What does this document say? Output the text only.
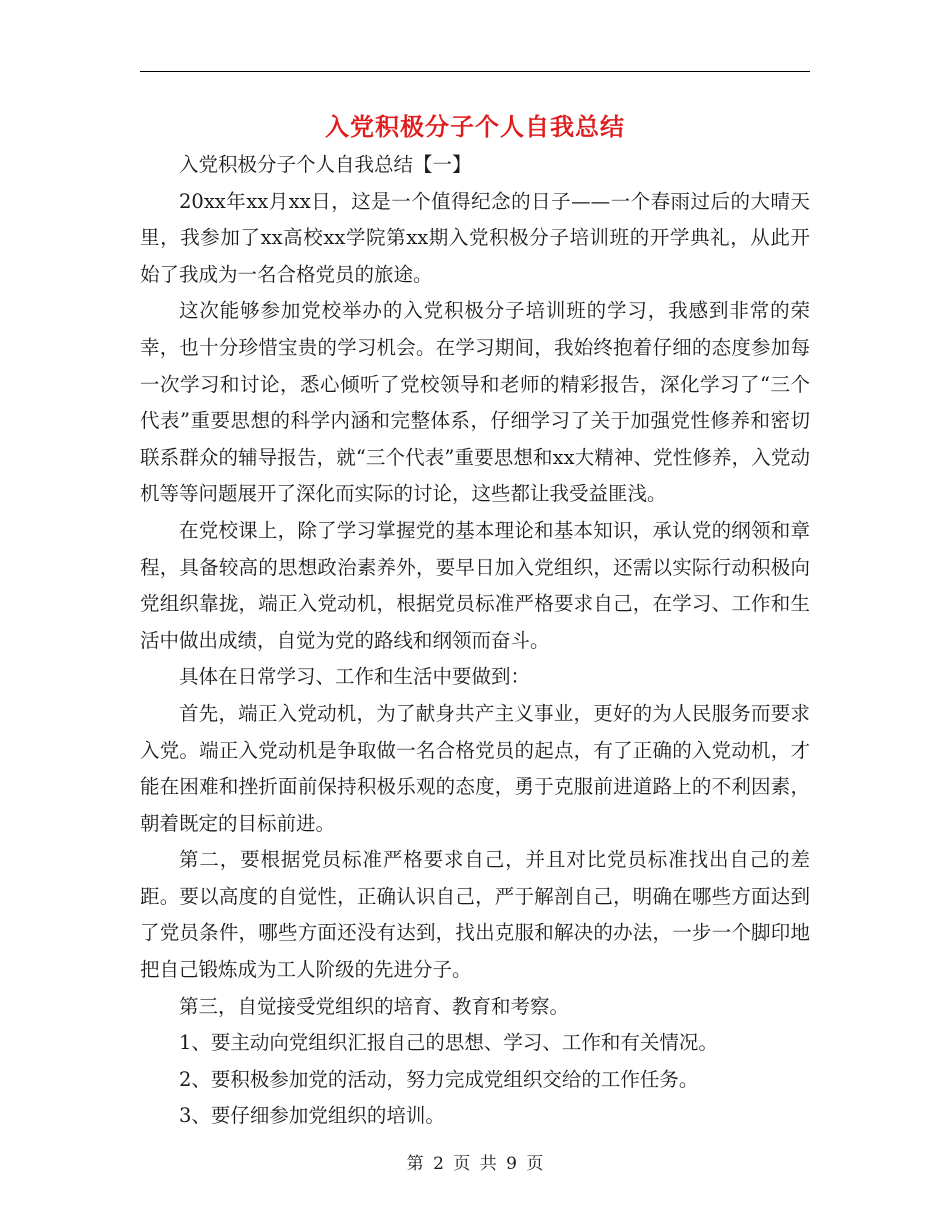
入党积极分子个人自我总结

入党积极分子个人自我总结【一】

20xx年xx月xx日，这是一个值得纪念的日子——一个春雨过后的大晴天里，我参加了xx高校xx学院第xx期入党积极分子培训班的开学典礼，从此开始了我成为一名合格党员的旅途。

这次能够参加党校举办的入党积极分子培训班的学习，我感到非常的荣幸，也十分珍惜宝贵的学习机会。在学习期间，我始终抱着仔细的态度参加每一次学习和讨论，悉心倾听了党校领导和老师的精彩报告，深化学习了“三个代表”重要思想的科学内涵和完整体系，仔细学习了关于加强党性修养和密切联系群众的辅导报告，就“三个代表”重要思想和xx大精神、党性修养，入党动机等等问题展开了深化而实际的讨论，这些都让我受益匪浅。

在党校课上，除了学习掌握党的基本理论和基本知识，承认党的纲领和章程，具备较高的思想政治素养外，要早日加入党组织，还需以实际行动积极向党组织靠拢，端正入党动机，根据党员标准严格要求自己，在学习、工作和生活中做出成绩，自觉为党的路线和纲领而奋斗。

具体在日常学习、工作和生活中要做到：

首先，端正入党动机，为了献身共产主义事业，更好的为人民服务而要求入党。端正入党动机是争取做一名合格党员的起点，有了正确的入党动机，才能在困难和挫折面前保持积极乐观的态度，勇于克服前进道路上的不利因素，朝着既定的目标前进。

第二，要根据党员标准严格要求自己，并且对比党员标准找出自己的差距。要以高度的自觉性，正确认识自己，严于解剖自己，明确在哪些方面达到了党员条件，哪些方面还没有达到，找出克服和解决的办法，一步一个脚印地把自己锻炼成为工人阶级的先进分子。

第三，自觉接受党组织的培育、教育和考察。

1、要主动向党组织汇报自己的思想、学习、工作和有关情况。

2、要积极参加党的活动，努力完成党组织交给的工作任务。

3、要仔细参加党组织的培训。

第 2 页 共 9 页
